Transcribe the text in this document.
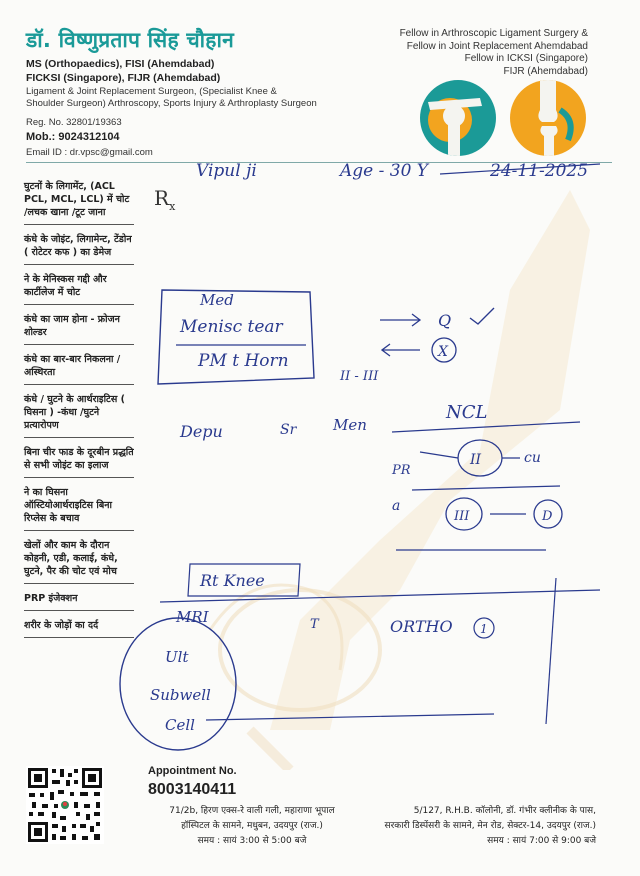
डॉ. विष्णुप्रताप सिंह चौहान
MS (Orthopaedics), FISI (Ahemdabad)
FICKSI (Singapore), FIJR (Ahemdabad)
Ligament & Joint Replacement Surgeon, (Specialist Knee &
Shoulder Surgeon) Arthroscopy, Sports Injury & Arthroplasty Surgeon
Reg. No. 32801/19363
Mob.: 9024312104
Email ID : dr.vpsc@gmail.com
Fellow in Arthroscopic Ligament Surgery &
Fellow in Joint Replacement Ahemdabad
Fellow in ICKSI (Singapore)
FIJR (Ahemdabad)
घुटनों के लिगामेंट, (ACL PCL, MCL, LCL) में चोट /लचक खाना /टूट जाना
कंधे के जोइंट, लिगामेन्ट, टेंडोन ( रोटेटर कफ ) का डेमेज
ने के मेनिस्कस गद्दी और कार्टीलेज में चोट
कंधे का जाम होना - फ्रोजन शोल्डर
कंधे का बार-बार निकलना / अस्थिरता
कंधे / घुटने के आर्थराइटिस ( घिसना ) -कंधा /घुटने प्रत्यारोपण
बिना चीर फाड के दूरबीन प्रद्धति से सभी जोइंट का इलाज
ने का घिसना ऑस्टियोआर्थराइटिस बिना रिप्लेस के बचाव
खेलों और काम के दौरान कोहनी, एडी, कलाई, कंधे, घुटने, पैर की चोट एवं मोच
PRP इंजेक्शन
शरीर के जोड़ों का दर्द
$R_x$
Vipul ji	Age - 30 Y	24-11-2025
Med
Menisc tear
PM t Horn
II - III
Q
X
Depu	Sr Men
NCL
II
PR
cu
a
III	D
Rt Knee
MRI	T	ORTHO 1
Ult
Subwell
Cell
Appointment No.
8003140411
71/2b, हिरण एक्स-रे वाली गली, महाराणा भूपाल
हॉस्पिटल के सामने, मधुबन, उदयपुर (राज.)
समय : सायं 3:00 से 5:00 बजे
5/127, R.H.B. कॉलोनी, डॉ. गंभीर क्लीनीक के पास,
सरकारी डिस्पेंसरी के सामने, मेन रोड, सेक्टर-14, उदयपुर (राज.)
समय : सायं 7:00 से 9:00 बजे
